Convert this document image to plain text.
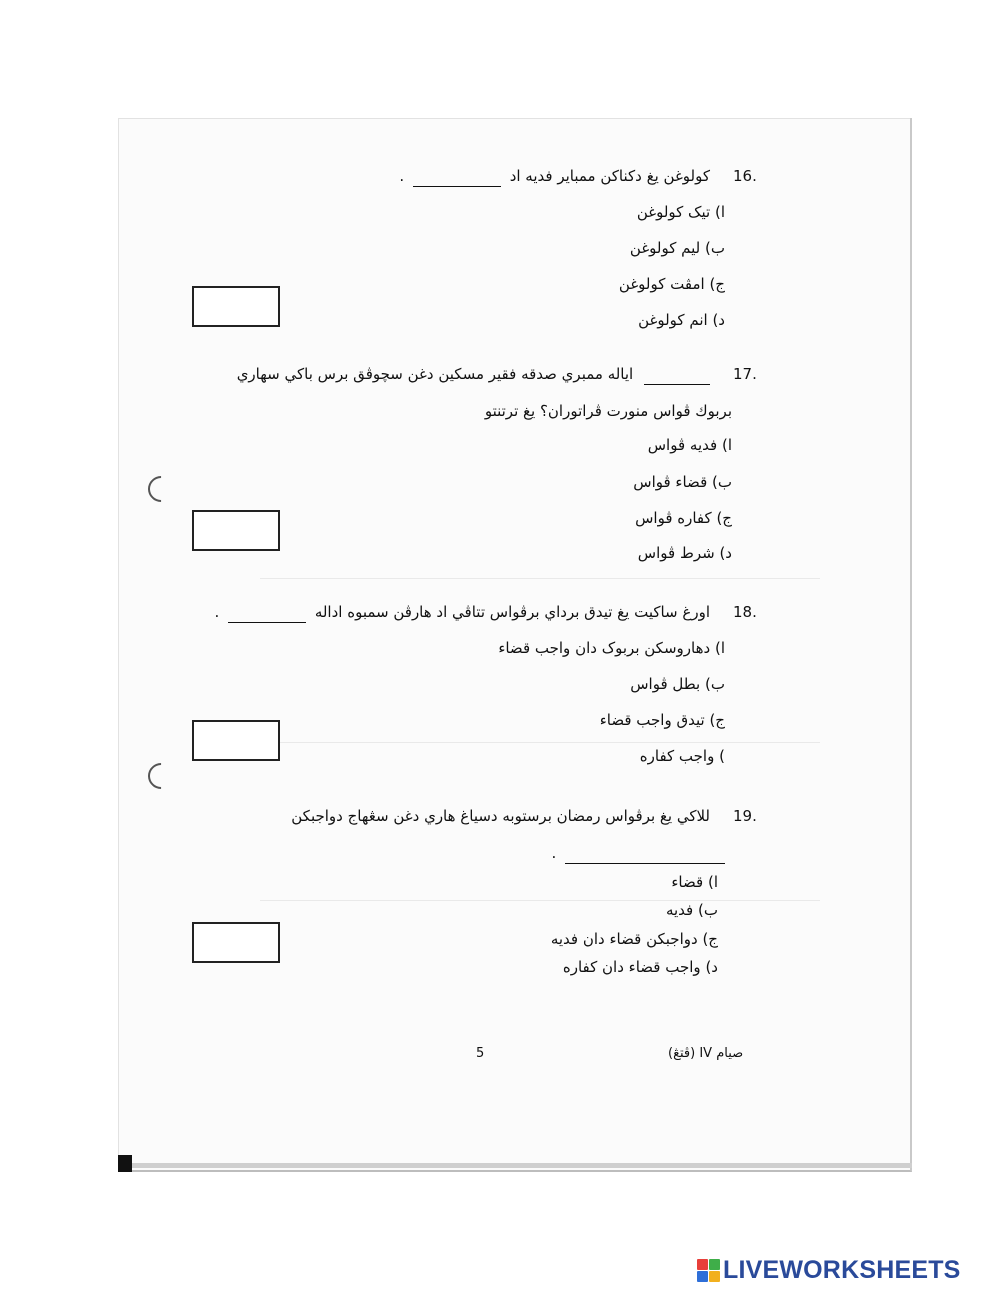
16.
كولوغن يغ دكناكن ممباير فديه اد  .
ا) تيک كولوغن
ب) ليم كولوغن
ج) امڤت كولوغن
د) انم كولوغن
17.
اياله ممبري صدقه فقير مسکين دغن سچوڤق برس باكي سهاري
بربوك ڤواس منورت ڤراتوران؟ يغ ترتنتو
ا) فديه ڤواس
ب) قضاء ڤواس
ج) كفاره ڤواس
د) شرط ڤواس
18.
اورغ ساكيت يغ تيدق برداي برڤواس تتاڤي اد هارڤن سمبوه اداله  .
ا) دهاروسكن بربوک دان واجب قضاء
ب) بطل ڤواس
ج) تيدق واجب قضاء
) واجب كفاره
19.
للاكي يغ برڤواس رمضان برستوبه دسياغ هاري دغن سڠهاج دواجبكن
.
ا) قضاء
ب) فديه
ج) دواجبكن قضاء دان فديه
د) واجب قضاء دان كفاره
5	صيام IV (ڤتڠ)
LIVEWORKSHEETS
